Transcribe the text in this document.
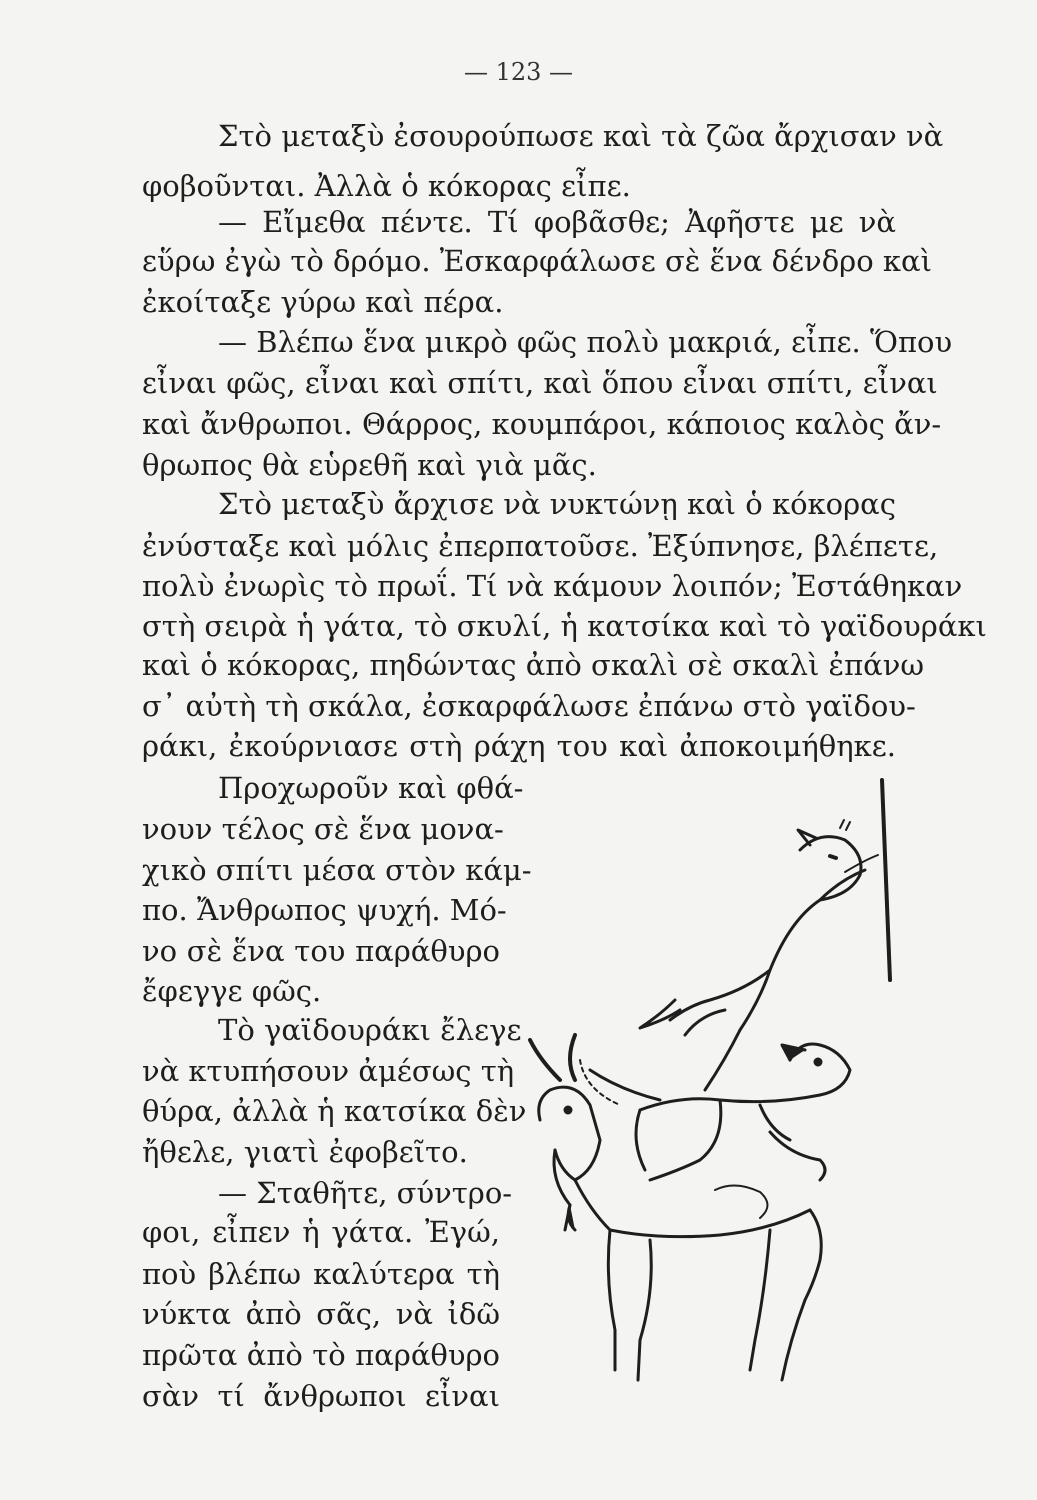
— 123 —
Στὸ μεταξὺ ἐσουρούπωσε καὶ τὰ ζῶα ἄρχισαν νὰ
φοβοῦνται. Ἀλλὰ ὁ κόκορας εἶπε.
— Εἴμεθα πέντε. Τί φοβᾶσθε; Ἀφῆστε με νὰ
εὕρω ἐγὼ τὸ δρόμο. Ἐσκαρφάλωσε σὲ ἕνα δένδρο καὶ
ἐκοίταξε γύρω καὶ πέρα.
— Βλέπω ἕνα μικρὸ φῶς πολὺ μακριά, εἶπε. Ὅπου
εἶναι φῶς, εἶναι καὶ σπίτι, καὶ ὅπου εἶναι σπίτι, εἶναι
καὶ ἄνθρωποι. Θάρρος, κουμπάροι, κάποιος καλὸς ἄν-
θρωπος θὰ εὑρεθῆ καὶ γιὰ μᾶς.
Στὸ μεταξὺ ἄρχισε νὰ νυκτώνῃ καὶ ὁ κόκορας
ἐνύσταξε καὶ μόλις ἐπερπατοῦσε. Ἐξύπνησε, βλέπετε,
πολὺ ἐνωρὶς τὸ πρωΐ. Τί νὰ κάμουν λοιπόν; Ἐστάθηκαν
στὴ σειρὰ ἡ γάτα, τὸ σκυλί, ἡ κατσίκα καὶ τὸ γαϊδουράκι
καὶ ὁ κόκορας, πηδώντας ἀπὸ σκαλὶ σὲ σκαλὶ ἐπάνω
σ᾿ αὐτὴ τὴ σκάλα, ἐσκαρφάλωσε ἐπάνω στὸ γαϊδου-
ράκι, ἐκούρνιασε στὴ ράχη του καὶ ἀποκοιμήθηκε.
Προχωροῦν καὶ φθά-
νουν τέλος σὲ ἕνα μονα-
χικὸ σπίτι μέσα στὸν κάμ-
πο. Ἄνθρωπος ψυχή. Μό-
νο σὲ ἕνα του παράθυρο
ἔφεγγε φῶς.
Τὸ γαϊδουράκι ἔλεγε
νὰ κτυπήσουν ἀμέσως τὴ
θύρα, ἀλλὰ ἡ κατσίκα δὲν
ἤθελε, γιατὶ ἐφοβεῖτο.
— Σταθῆτε, σύντρο-
φοι, εἶπεν ἡ γάτα. Ἐγώ,
ποὺ βλέπω καλύτερα τὴ
νύκτα ἀπὸ σᾶς, νὰ ἰδῶ
πρῶτα ἀπὸ τὸ παράθυρο
σὰν τί ἄνθρωποι εἶναι
